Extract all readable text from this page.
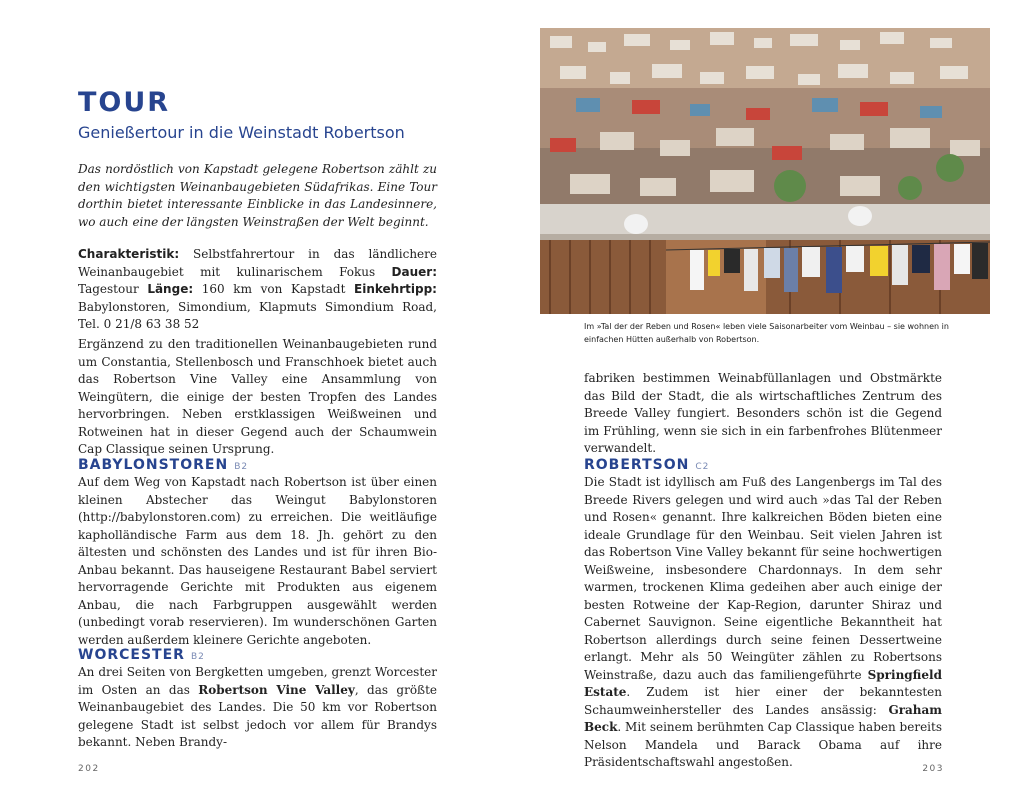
TOUR
Genießertour in die Weinstadt Robertson

Das nordöstlich von Kapstadt gelegene Robertson zählt zu den wichtigsten Weinanbaugebieten Südafrikas. Eine Tour dorthin bietet interessante Einblicke in das Landesinnere, wo auch eine der längsten Weinstraßen der Welt beginnt.

Charakteristik: Selbstfahrertour in das ländlichere Weinanbaugebiet mit kulinarischem Fokus Dauer: Tagestour Länge: 160 km von Kapstadt Einkehrtipp: Babylonstoren, Simondium, Klapmuts Simondium Road, Tel. 0 21/8 63 38 52

Ergänzend zu den traditionellen Weinanbaugebieten rund um Constantia, Stellenbosch und Franschhoek bietet auch das Robertson Vine Valley eine Ansammlung von Weingütern, die einige der besten Tropfen des Landes hervorbringen. Neben erstklassigen Weißweinen und Rotweinen hat in dieser Gegend auch der Schaumwein Cap Classique seinen Ursprung.

BABYLONSTOREN B2

Auf dem Weg von Kapstadt nach Robertson ist über einen kleinen Abstecher das Weingut Babylonstoren (http://babylonstoren.com) zu erreichen. Die weitläufige kapholländische Farm aus dem 18. Jh. gehört zu den ältesten und schönsten des Landes und ist für ihren Bio-Anbau bekannt. Das hauseigene Restaurant Babel serviert hervorragende Gerichte mit Produkten aus eigenem Anbau, die nach Farbgruppen ausgewählt werden (unbedingt vorab reservieren). Im wunderschönen Garten werden außerdem kleinere Gerichte angeboten.

WORCESTER B2
An drei Seiten von Bergketten umgeben, grenzt Worcester im Osten an das Robertson Vine Valley, das größte Weinanbaugebiet des Landes. Die 50 km vor Robertson gelegene Stadt ist selbst jedoch vor allem für Brandys bekannt. Neben Brandy-
202
Im »Tal der der Reben und Rosen« leben viele Saisonarbeiter vom Weinbau – sie wohnen in einfachen Hütten außerhalb von Robertson.

fabriken bestimmen Weinabfüllanlagen und Obstmärkte das Bild der Stadt, die als wirtschaftliches Zentrum des Breede Valley fungiert. Besonders schön ist die Gegend im Frühling, wenn sie sich in ein farbenfrohes Blütenmeer verwandelt.

ROBERTSON C2
Die Stadt ist idyllisch am Fuß des Langenbergs im Tal des Breede Rivers gelegen und wird auch »das Tal der Reben und Rosen« genannt. Ihre kalkreichen Böden bieten eine ideale Grundlage für den Weinbau. Seit vielen Jahren ist das Robertson Vine Valley bekannt für seine hochwertigen Weißweine, insbesondere Chardonnays. In dem sehr warmen, trockenen Klima gedeihen aber auch einige der besten Rotweine der Kap-Region, darunter Shiraz und Cabernet Sauvignon. Seine eigentliche Bekanntheit hat Robertson allerdings durch seine feinen Dessertweine erlangt. Mehr als 50 Weingüter zählen zu Robertsons Weinstraße, dazu auch das familiengeführte Springfield Estate. Zudem ist hier einer der bekanntesten Schaumweinhersteller des Landes ansässig: Graham Beck. Mit seinem berühmten Cap Classique haben bereits Nelson Mandela und Barack Obama auf ihre Präsidentschaftswahl angestoßen.	203
